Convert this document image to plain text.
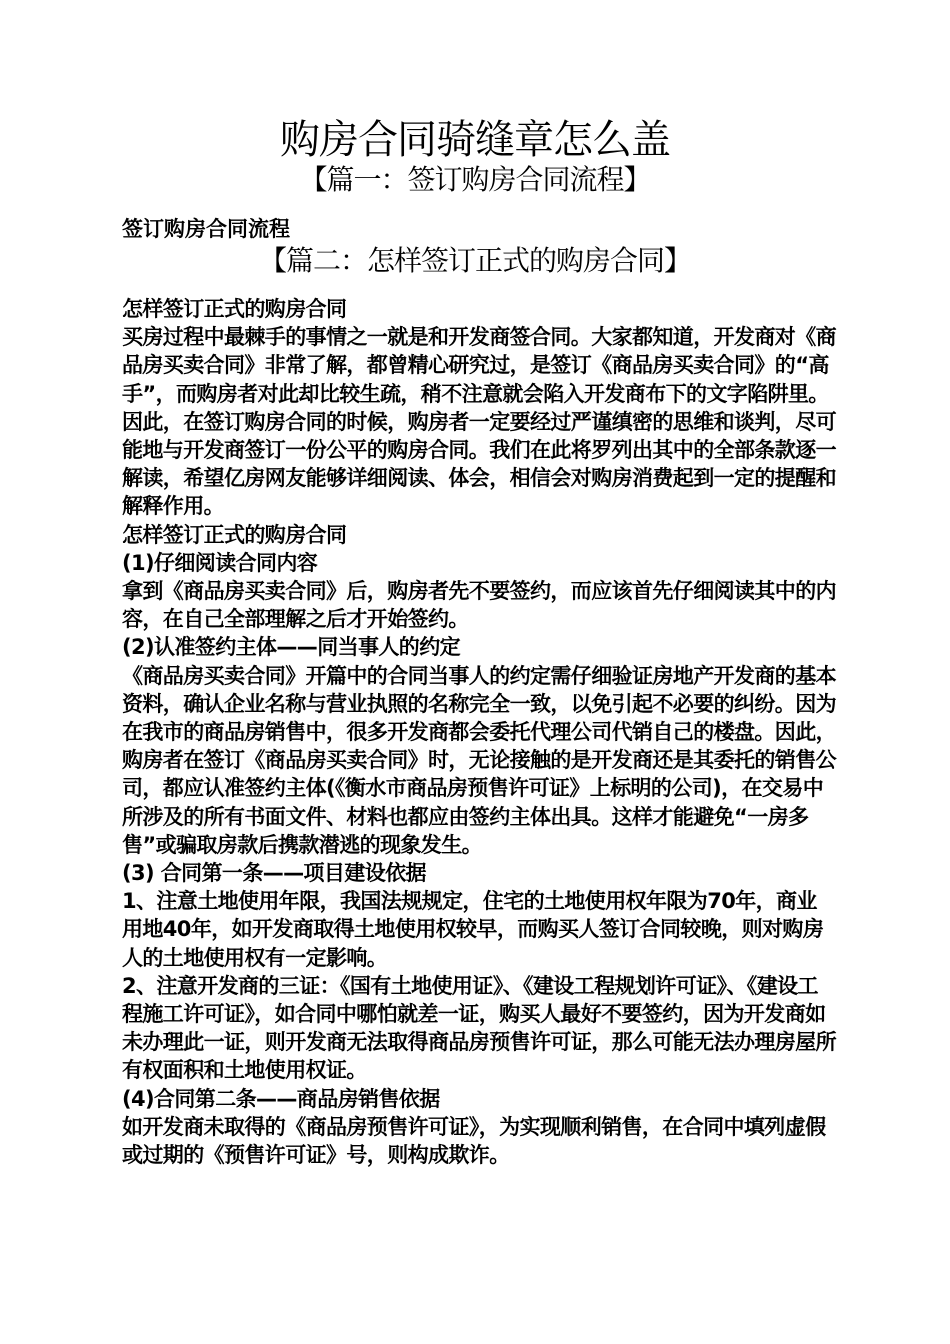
购房合同骑缝章怎么盖
【篇一：签订购房合同流程】
签订购房合同流程
【篇二：怎样签订正式的购房合同】

怎样签订正式的购房合同

买房过程中最棘手的事情之一就是和开发商签合同。大家都知道，开发商对《商品房买卖合同》非常了解，都曾精心研究过，是签订《商品房买卖合同》的“高手”，而购房者对此却比较生疏，稍不注意就会陷入开发商布下的文字陷阱里。因此，在签订购房合同的时候，购房者一定要经过严谨缜密的思维和谈判，尽可能地与开发商签订一份公平的购房合同。我们在此将罗列出其中的全部条款逐一解读，希望亿房网友能够详细阅读、体会，相信会对购房消费起到一定的提醒和解释作用。

怎样签订正式的购房合同

(1)仔细阅读合同内容

拿到《商品房买卖合同》后，购房者先不要签约，而应该首先仔细阅读其中的内容，在自己全部理解之后才开始签约。

(2)认准签约主体——同当事人的约定

《商品房买卖合同》开篇中的合同当事人的约定需仔细验证房地产开发商的基本资料，确认企业名称与营业执照的名称完全一致，以免引起不必要的纠纷。因为在我市的商品房销售中，很多开发商都会委托代理公司代销自己的楼盘。因此，购房者在签订《商品房买卖合同》时，无论接触的是开发商还是其委托的销售公司，都应认准签约主体(《衡水市商品房预售许可证》上标明的公司)，在交易中所涉及的所有书面文件、材料也都应由签约主体出具。这样才能避免“一房多售”或骗取房款后携款潜逃的现象发生。

(3) 合同第一条——项目建设依据

1、注意土地使用年限，我国法规规定，住宅的土地使用权年限为70年，商业用地40年，如开发商取得土地使用权较早，而购买人签订合同较晚，则对购房人的土地使用权有一定影响。

2、注意开发商的三证：《国有土地使用证》、《建设工程规划许可证》、《建设工程施工许可证》，如合同中哪怕就差一证，购买人最好不要签约，因为开发商如未办理此一证，则开发商无法取得商品房预售许可证，那么可能无法办理房屋所有权面积和土地使用权证。

(4)合同第二条——商品房销售依据

如开发商未取得的《商品房预售许可证》，为实现顺利销售，在合同中填列虚假或过期的《预售许可证》号，则构成欺诈。
